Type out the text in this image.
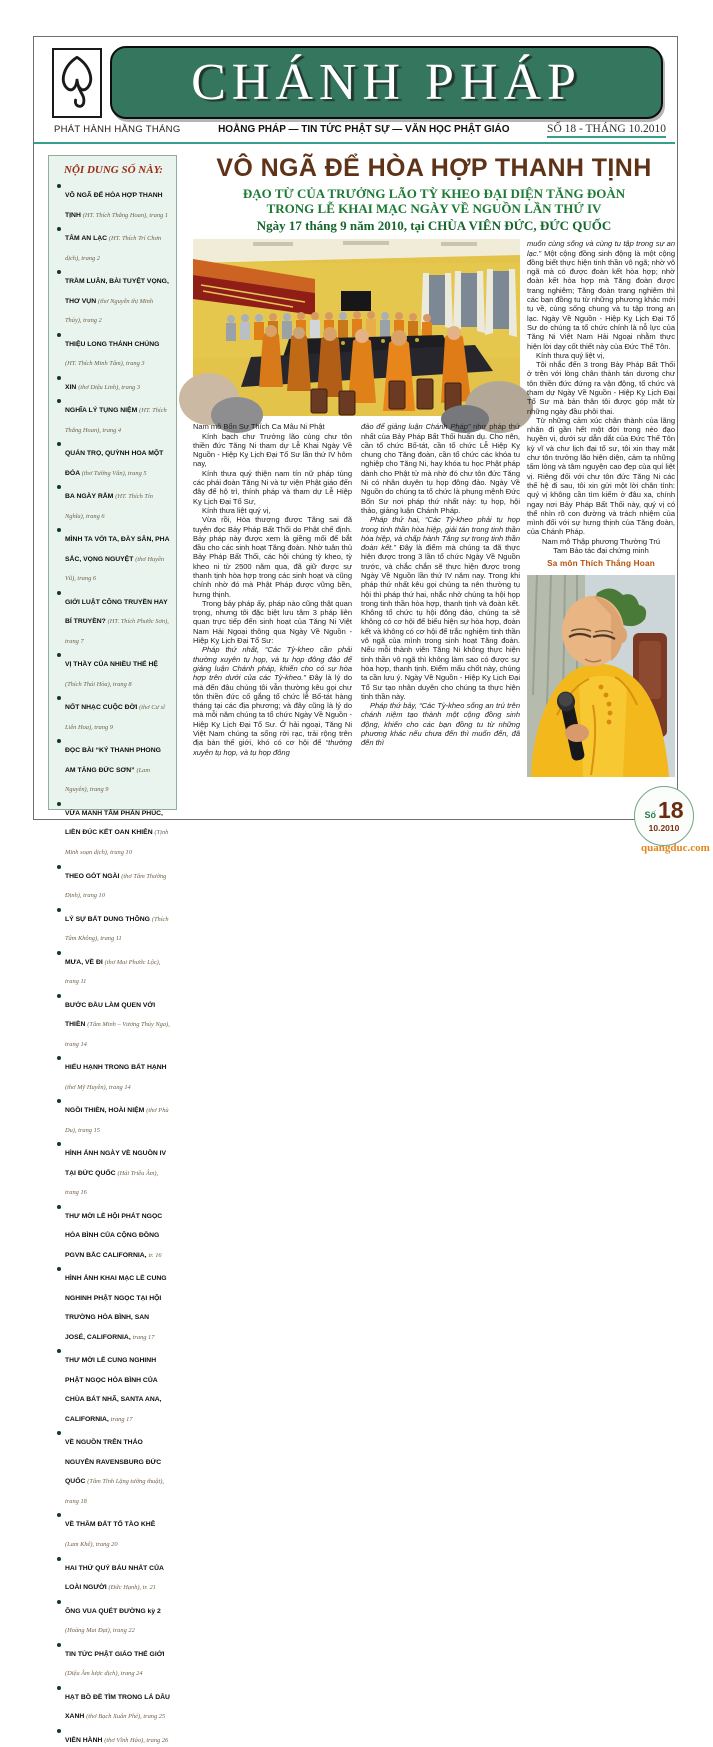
CHÁNH PHÁP
PHÁT HÀNH HẰNG THÁNG	HOẰNG PHÁP — TIN TỨC PHẬT SỰ — VĂN HỌC PHẬT GIÁO	SỐ 18 - THÁNG 10.2010
NỘI DUNG SỐ NÀY:
VÔ NGÃ ĐỂ HÒA HỢP THANH TỊNH (HT. Thích Thắng Hoan), trang 1
TÂM AN LẠC (HT. Thích Trí Chơn dịch), trang 2
TRẦM LUÂN, BÀI TUYỆT VỌNG, THƠ VỤN (thơ Nguyễn thị Minh Thủy), trang 2
THIỆU LONG THÁNH CHÚNG (HT. Thích Minh Tâm), trang 3
XIN (thơ Diệu Linh), trang 3
NGHĨA LÝ TỤNG NIỆM (HT. Thích Thắng Hoan), trang 4
QUÁN TRỌ, QUỲNH HOA MỘT ĐÓA (thơ Tường Vân), trang 5
BA NGÀY RẰM (HT. Thích Tín Nghĩa), trang 6
MÌNH TA VỚI TA, ĐÀY SÂN, PHA SẮC, VỌNG NGUYỆT (thơ Huyền Vũ), trang 6
GIỚI LUẬT CÔNG TRUYỀN HAY BÍ TRUYỀN? (HT. Thích Phước Sơn), trang 7
VỊ THẦY CỦA NHIỀU THẾ HỆ (Thích Thái Hòa), trang 8
NỐT NHẠC CUỘC ĐỜI (thơ Cư sĩ Liên Hoa), trang 9
ĐỌC BÀI “KÝ THANH PHONG AM TĂNG ĐỨC SƠN” (Lam Nguyên), trang 9
VỪA MANH TÂM PHẢN PHÚC, LIỀN ĐÚC KẾT OAN KHIÊN (Tịnh Minh soạn dịch), trang 10
THEO GÓT NGÀI (thơ Tâm Thường Định), trang 10
LÝ SỰ BẤT DUNG THÔNG (Thích Tâm Không), trang 11
MƯA, VỀ ĐI (thơ Mai Phước Lộc), trang 11
BƯỚC ĐẦU LÀM QUEN VỚI THIỀN (Tâm Minh – Vương Thúy Nga), trang 14
HIẾU HẠNH TRONG BẤT HẠNH (thơ Mỹ Huyền), trang 14
NGỒI THIỀN, HOÀI NIỆM (thơ Phù Du), trang 15
HÌNH ẢNH NGÀY VỀ NGUỒN IV TẠI ĐỨC QUỐC (Hải Triều Âm), trang 16
THƯ MỜI LỄ HỘI PHÁT NGỌC HÒA BÌNH CỦA CỘNG ĐỒNG PGVN BẮC CALIFORNIA, tr. 16
HÌNH ẢNH KHAI MẠC LỄ CUNG NGHINH PHẬT NGỌC TẠI HỘI TRƯỜNG HÒA BÌNH, SAN JOSÉ, CALIFORNIA, trang 17
THƯ MỜI LỄ CUNG NGHINH PHẬT NGỌC HÒA BÌNH CỦA CHÙA BÁT NHÃ, SANTA ANA, CALIFORNIA, trang 17
VỀ NGUỒN TRÊN THẢO NGUYÊN RAVENSBURG ĐỨC QUỐC (Tâm Tĩnh Lặng tường thuật), trang 18
VỀ THĂM ĐẤT TỔ TÀO KHÊ (Lam Khê), trang 20
HAI THỨ QUÝ BÁU NHẤT CỦA LOÀI NGƯỜI (Đức Hạnh), tr. 21
ÔNG VUA QUÉT ĐƯỜNG kỳ 2 (Hoàng Mai Đạt), trang 22
TIN TỨC PHẬT GIÁO THẾ GIỚI (Diệu Âm lược dịch), trang 24
HẠT BỒ ĐỀ TÌM TRONG LÁ DÂU XANH (thơ Bạch Xuân Phẻ), trang 25
VIỄN HÀNH (thơ Vĩnh Hảo), trang 26
VÔ NGÃ ĐỂ HÒA HỢP THANH TỊNH
ĐẠO TỪ CỦA TRƯỞNG LÃO TỲ KHEO ĐẠI DIỆN TĂNG ĐOÀN
TRONG LỄ KHAI MẠC NGÀY VỀ NGUỒN LẦN THỨ IV
Ngày 17 tháng 9 năm 2010, tại CHÙA VIÊN ĐỨC, ĐỨC QUỐC

Nam mô Bổn Sư Thích Ca Mâu Ni Phật

Kính bạch chư Trưởng lão cùng chư tôn thiền đức Tăng Ni tham dự Lễ Khai Ngày Về Nguồn - Hiệp Kỵ Lịch Đại Tổ Sư lần thứ IV hôm nay,

Kính thưa quý thiện nam tín nữ pháp tùng các phái đoàn Tăng Ni và tự viện Phật giáo đến đây để hộ trì, thính pháp và tham dự Lễ Hiệp Kỵ Lịch Đại Tổ Sư,

Kính thưa liệt quý vị,

Vừa rồi, Hòa thượng được Tăng sai đã tuyên đọc Bảy Pháp Bất Thối do Phật chế định. Bảy pháp này được xem là giềng mối để bắt đầu cho các sinh hoạt Tăng đoàn. Nhờ tuân thủ Bảy Pháp Bất Thối, các hội chúng tỳ kheo, tỳ kheo ni từ 2500 năm qua, đã giữ được sự thanh tịnh hòa hợp trong các sinh hoạt và cũng chính nhờ đó mà Phật Pháp được vững bền, hưng thịnh.

Trong bảy pháp ấy, pháp nào cũng thật quan trọng, nhưng tôi đặc biệt lưu tâm 3 pháp liên quan trực tiếp đến sinh hoạt của Tăng Ni Việt Nam Hải Ngoại thông qua Ngày Về Nguồn - Hiệp Kỵ Lịch Đại Tổ Sư:

Pháp thứ nhất, “Các Tỳ-kheo cần phải thường xuyên tụ họp, và tụ họp đông đảo để giảng luận Chánh pháp, khiến cho có sự hòa hợp trên dưới của các Tỳ-kheo.” Đây là lý do mà đến đâu chúng tôi vẫn thường kêu gọi chư tôn thiền đức cố gắng tổ chức lễ Bố-tát hàng tháng tại các địa phương; và đây cũng là lý do mà mỗi năm chúng ta tổ chức Ngày Về Nguồn - Hiệp Kỵ Lịch Đại Tổ Sư. Ở hải ngoại, Tăng Ni Việt Nam chúng ta sống rời rạc, trải rộng trên địa bàn thế giới, khó có cơ hội để “thường xuyên tụ họp, và tụ họp đông

đảo để giảng luận Chánh Pháp” như pháp thứ nhất của Bảy Pháp Bất Thối huấn dụ. Cho nên, cần tổ chức Bố-tát, cần tổ chức Lễ Hiệp Kỵ chung cho Tăng đoàn, cần tổ chức các khóa tu nghiệp cho Tăng Ni, hay khóa tu học Phật pháp dành cho Phật tử mà nhờ đó chư tôn đức Tăng Ni có nhân duyên tụ họp đông đảo. Ngày Về Nguồn do chúng ta tổ chức là phụng mệnh Đức Bổn Sư nơi pháp thứ nhất này: tụ họp, hội thảo, giảng luận Chánh Pháp.

Pháp thứ hai, “Các Tỳ-kheo phải tụ họp trong tinh thần hòa hiệp, giải tán trong tinh thần hòa hiệp, và chấp hành Tăng sự trong tinh thần đoàn kết.” Đây là điểm mà chúng ta đã thực hiện được trong 3 lần tổ chức Ngày Về Nguồn trước, và chắc chắn sẽ thực hiện được trong Ngày Về Nguồn lần thứ IV năm nay. Trong khi pháp thứ nhất kêu gọi chúng ta nên thường tụ hội thì pháp thứ hai, nhắc nhở chúng ta hội họp trong tinh thần hòa hợp, thanh tịnh và đoàn kết. Không tổ chức tụ hội đông đảo, chúng ta sẽ không có cơ hội để biểu hiện sự hòa hợp, đoàn kết và không có cơ hội để trắc nghiệm tinh thần vô ngã của mình trong sinh hoạt Tăng đoàn. Nếu mỗi thành viên Tăng Ni không thực hiện tinh thần vô ngã thì không làm sao có được sự hòa hợp, thanh tịnh. Điểm mấu chốt này, chúng ta cần lưu ý. Ngày Về Nguồn - Hiệp Kỵ Lịch Đại Tổ Sư tạo nhân duyên cho chúng ta thực hiện tinh thần này.

Pháp thứ bảy, “Các Tỳ-kheo sống an trú trên chánh niệm tạo thành một cộng đồng sinh động, khiến cho các bạn đồng tu từ những phương khác nếu chưa đến thì muốn đến, đã đến thì

muốn cùng sống và cùng tu tập trong sự an lạc.” Một cộng đồng sinh động là một cộng đồng biết thực hiện tinh thần vô ngã; nhờ vô ngã mà có được đoàn kết hòa hợp; nhờ đoàn kết hòa hợp mà Tăng đoàn được trang nghiêm; Tăng đoàn trang nghiêm thì các bạn đồng tu từ những phương khác mới tụ về, cùng sống chung và tu tập trong an lạc. Ngày Về Nguồn - Hiệp Kỵ Lịch Đại Tổ Sư do chúng ta tổ chức chính là nỗ lực của Tăng Ni Việt Nam Hải Ngoại nhằm thực hiện lời dạy cốt thiết này của Đức Thế Tôn.

Kính thưa quý liệt vị,

Tôi nhắc đến 3 trong Bảy Pháp Bất Thối ở trên với lòng chân thành tán dương chư tôn thiền đức đứng ra vận động, tổ chức và tham dự Ngày Về Nguồn - Hiệp Kỵ Lịch Đại Tổ Sư mà bản thân tôi được góp mặt từ những ngày đầu phôi thai.

Từ những cảm xúc chân thành của lãng nhân đi gần hết một đời trong nẻo đạo huyền vi, dưới sự dẫn dắt của Đức Thế Tôn kỳ vĩ và chư lịch đại tổ sư, tôi xin thay mặt chư tôn trưởng lão hiện diện, cảm tạ những tấm lòng và tâm nguyện cao đẹp của quí liệt vị. Riêng đối với chư tôn đức Tăng Ni các thế hệ đi sau, tôi xin gửi một lời chân tình: quý vị không cần tìm kiếm ở đâu xa, chính ngay nơi Bảy Pháp Bất Thối này, quý vị có thể nhìn rõ con đường và trách nhiệm của mình đối với sự hưng thịnh của Tăng đoàn, của Chánh Pháp.

Nam mô Thập phương Thường Trú

Tam Bảo tác đại chứng minh

Sa môn Thích Thắng Hoan

Số 18
10.2010
quangduc.com
